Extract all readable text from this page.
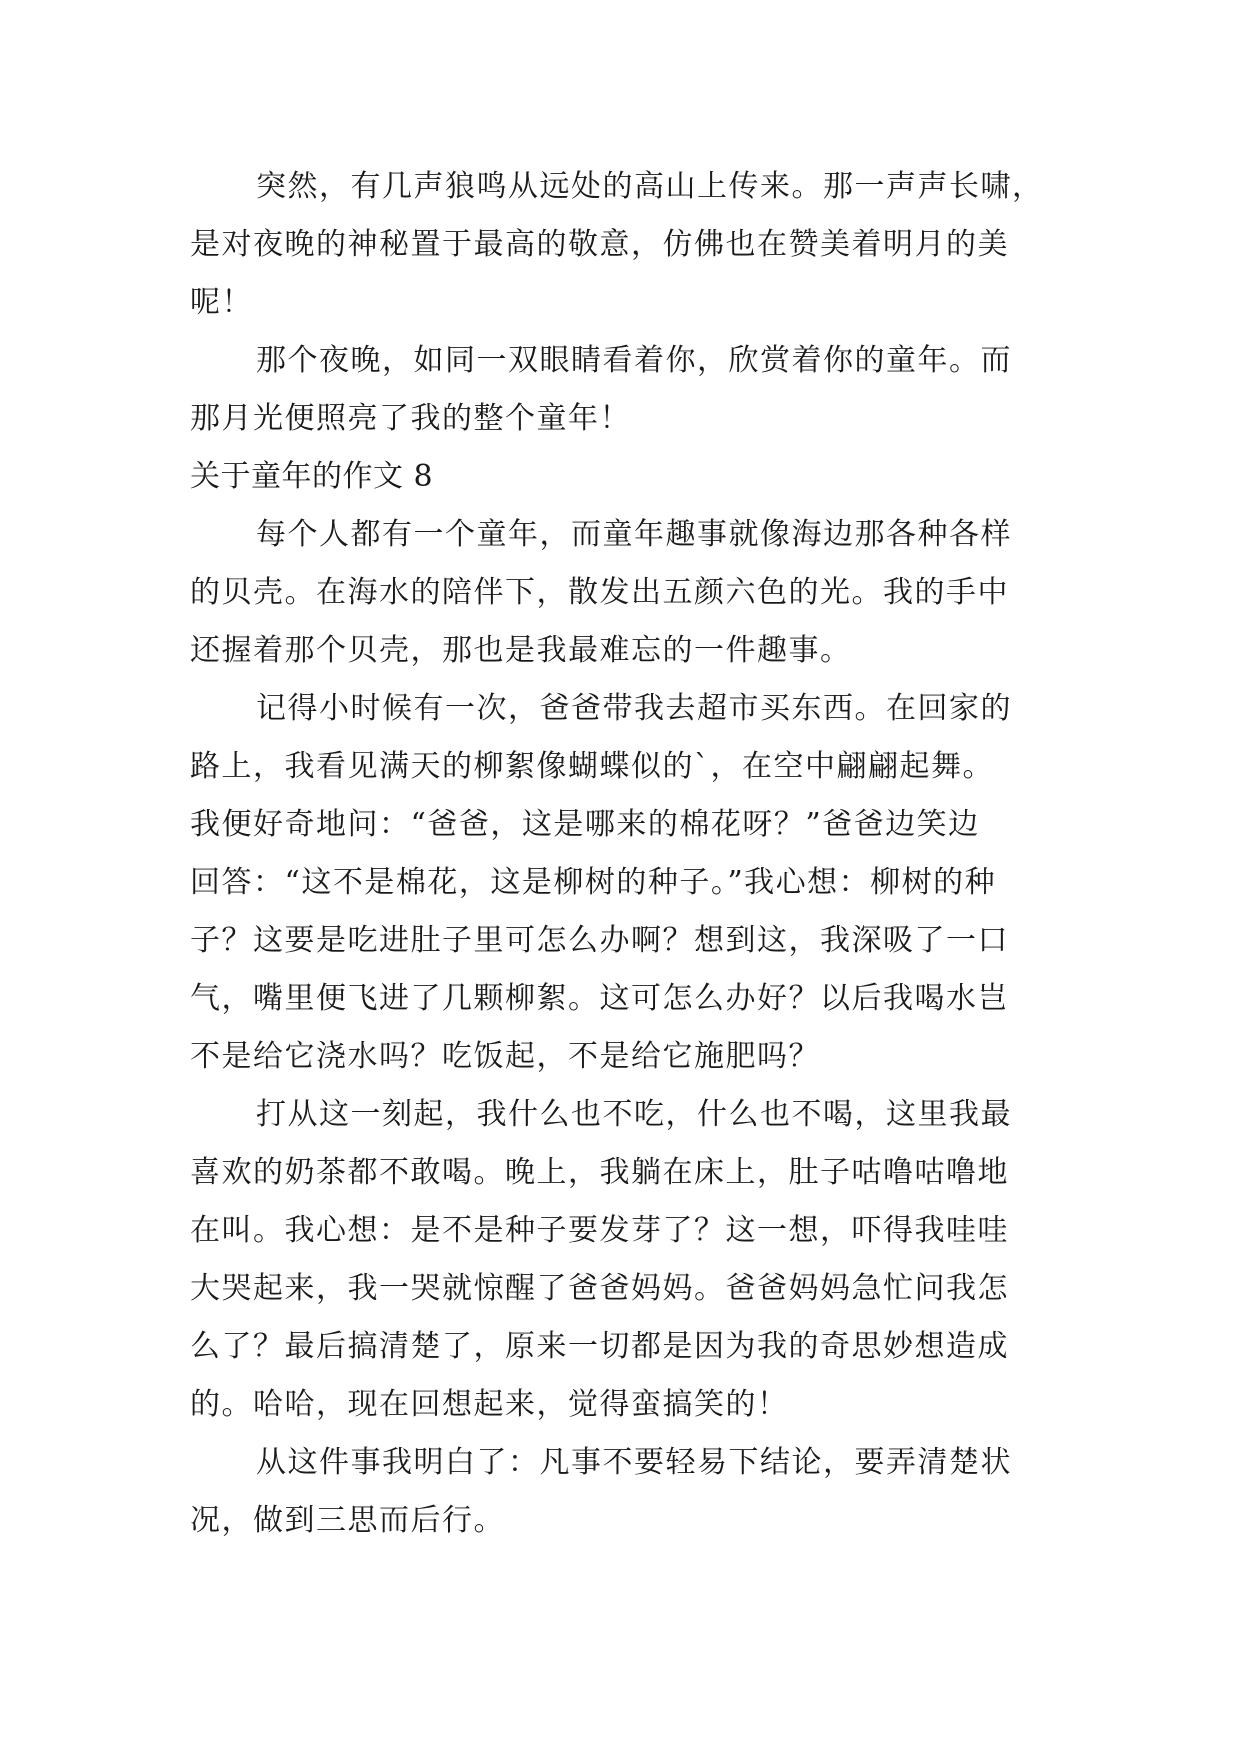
突然，有几声狼鸣从远处的高山上传来。那一声声长啸，
是对夜晚的神秘置于最高的敬意，仿佛也在赞美着明月的美
呢！
那个夜晚，如同一双眼睛看着你，欣赏着你的童年。而
那月光便照亮了我的整个童年！
关于童年的作文 8
每个人都有一个童年，而童年趣事就像海边那各种各样
的贝壳。在海水的陪伴下，散发出五颜六色的光。我的手中
还握着那个贝壳，那也是我最难忘的一件趣事。
记得小时候有一次，爸爸带我去超市买东西。在回家的
路上，我看见满天的柳絮像蝴蝶似的`，在空中翩翩起舞。
我便好奇地问：“爸爸，这是哪来的棉花呀？”爸爸边笑边
回答：“这不是棉花，这是柳树的种子。”我心想：柳树的种
子？这要是吃进肚子里可怎么办啊？想到这，我深吸了一口
气，嘴里便飞进了几颗柳絮。这可怎么办好？以后我喝水岂
不是给它浇水吗？吃饭起，不是给它施肥吗？
打从这一刻起，我什么也不吃，什么也不喝，这里我最
喜欢的奶茶都不敢喝。晚上，我躺在床上，肚子咕噜咕噜地
在叫。我心想：是不是种子要发芽了？这一想，吓得我哇哇
大哭起来，我一哭就惊醒了爸爸妈妈。爸爸妈妈急忙问我怎
么了？最后搞清楚了，原来一切都是因为我的奇思妙想造成
的。哈哈，现在回想起来，觉得蛮搞笑的！
从这件事我明白了：凡事不要轻易下结论，要弄清楚状
况，做到三思而后行。
